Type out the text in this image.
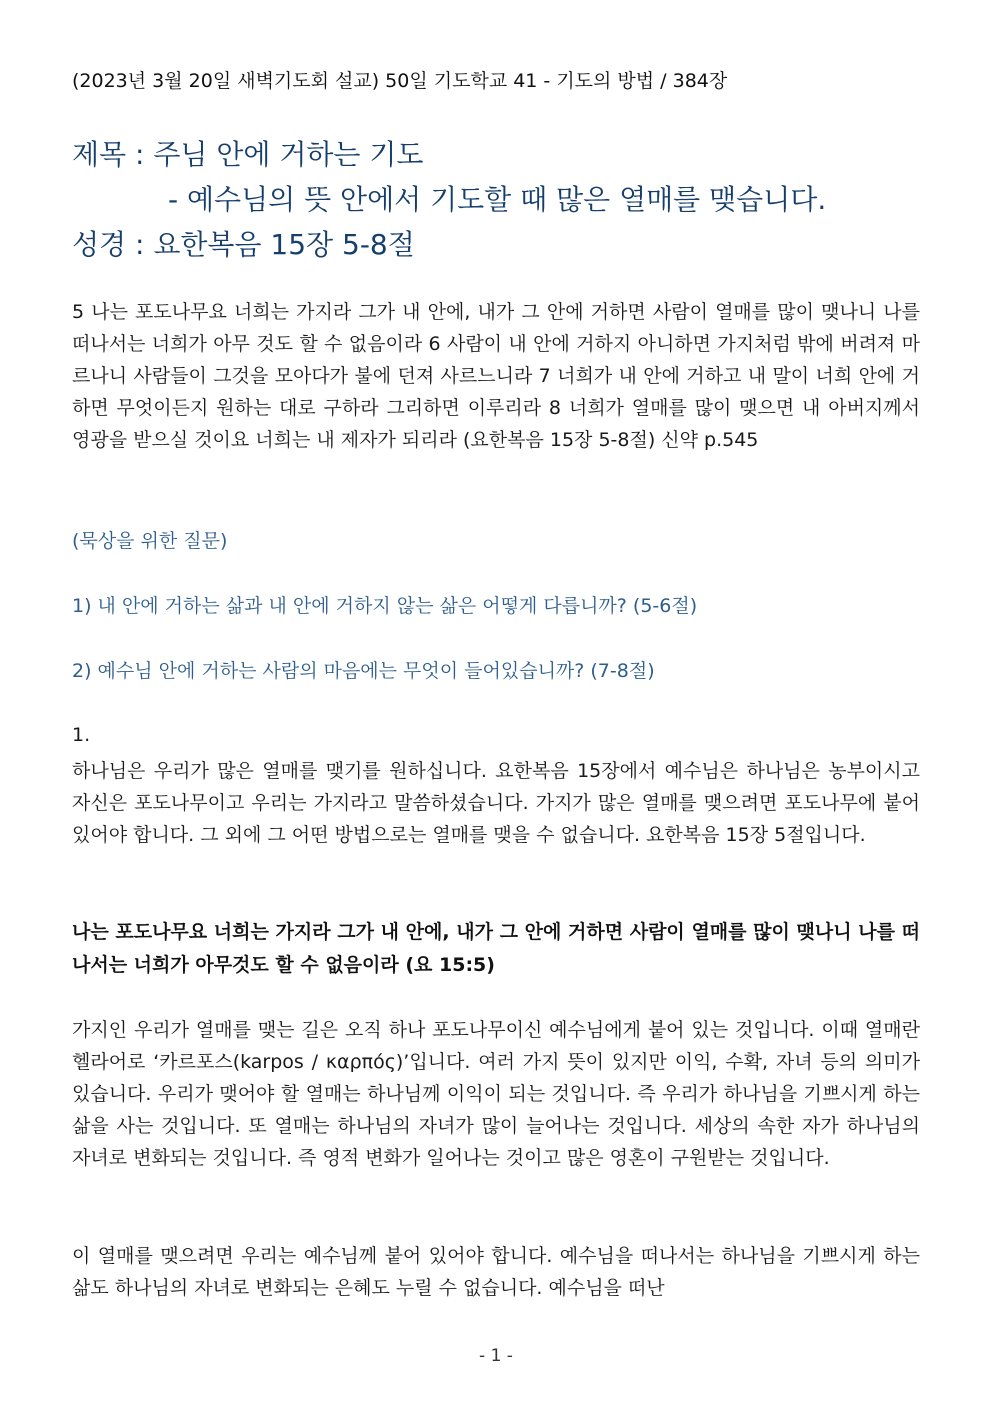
(2023년 3월 20일 새벽기도회 설교) 50일 기도학교 41 - 기도의 방법 / 384장
제목 : 주님 안에 거하는 기도
- 예수님의 뜻 안에서 기도할 때 많은 열매를 맺습니다.
성경 : 요한복음 15장 5-8절
5 나는 포도나무요 너희는 가지라 그가 내 안에, 내가 그 안에 거하면 사람이 열매를 많이 맺나니 나를 떠나서는 너희가 아무 것도 할 수 없음이라 6 사람이 내 안에 거하지 아니하면 가지처럼 밖에 버려져 마르나니 사람들이 그것을 모아다가 불에 던져 사르느니라 7 너희가 내 안에 거하고 내 말이 너희 안에 거하면 무엇이든지 원하는 대로 구하라 그리하면 이루리라 8 너희가 열매를 많이 맺으면 내 아버지께서 영광을 받으실 것이요 너희는 내 제자가 되리라 (요한복음 15장 5-8절) 신약 p.545
(묵상을 위한 질문)
1) 내 안에 거하는 삶과 내 안에 거하지 않는 삶은 어떻게 다릅니까? (5-6절)
2) 예수님 안에 거하는 사람의 마음에는 무엇이 들어있습니까? (7-8절)
1.
하나님은 우리가 많은 열매를 맺기를 원하십니다. 요한복음 15장에서 예수님은 하나님은 농부이시고 자신은 포도나무이고 우리는 가지라고 말씀하셨습니다. 가지가 많은 열매를 맺으려면 포도나무에 붙어 있어야 합니다. 그 외에 그 어떤 방법으로는 열매를 맺을 수 없습니다. 요한복음 15장 5절입니다.
나는 포도나무요 너희는 가지라 그가 내 안에, 내가 그 안에 거하면 사람이 열매를 많이 맺나니 나를 떠나서는 너희가 아무것도 할 수 없음이라 (요 15:5)
가지인 우리가 열매를 맺는 길은 오직 하나 포도나무이신 예수님에게 붙어 있는 것입니다. 이때 열매란 헬라어로 ‘카르포스(karpos / καρπός)’입니다. 여러 가지 뜻이 있지만 이익, 수확, 자녀 등의 의미가 있습니다. 우리가 맺어야 할 열매는 하나님께 이익이 되는 것입니다. 즉 우리가 하나님을 기쁘시게 하는 삶을 사는 것입니다. 또 열매는 하나님의 자녀가 많이 늘어나는 것입니다. 세상의 속한 자가 하나님의 자녀로 변화되는 것입니다. 즉 영적 변화가 일어나는 것이고 많은 영혼이 구원받는 것입니다.
이 열매를 맺으려면 우리는 예수님께 붙어 있어야 합니다. 예수님을 떠나서는 하나님을 기쁘시게 하는 삶도 하나님의 자녀로 변화되는 은혜도 누릴 수 없습니다. 예수님을 떠난
- 1 -
